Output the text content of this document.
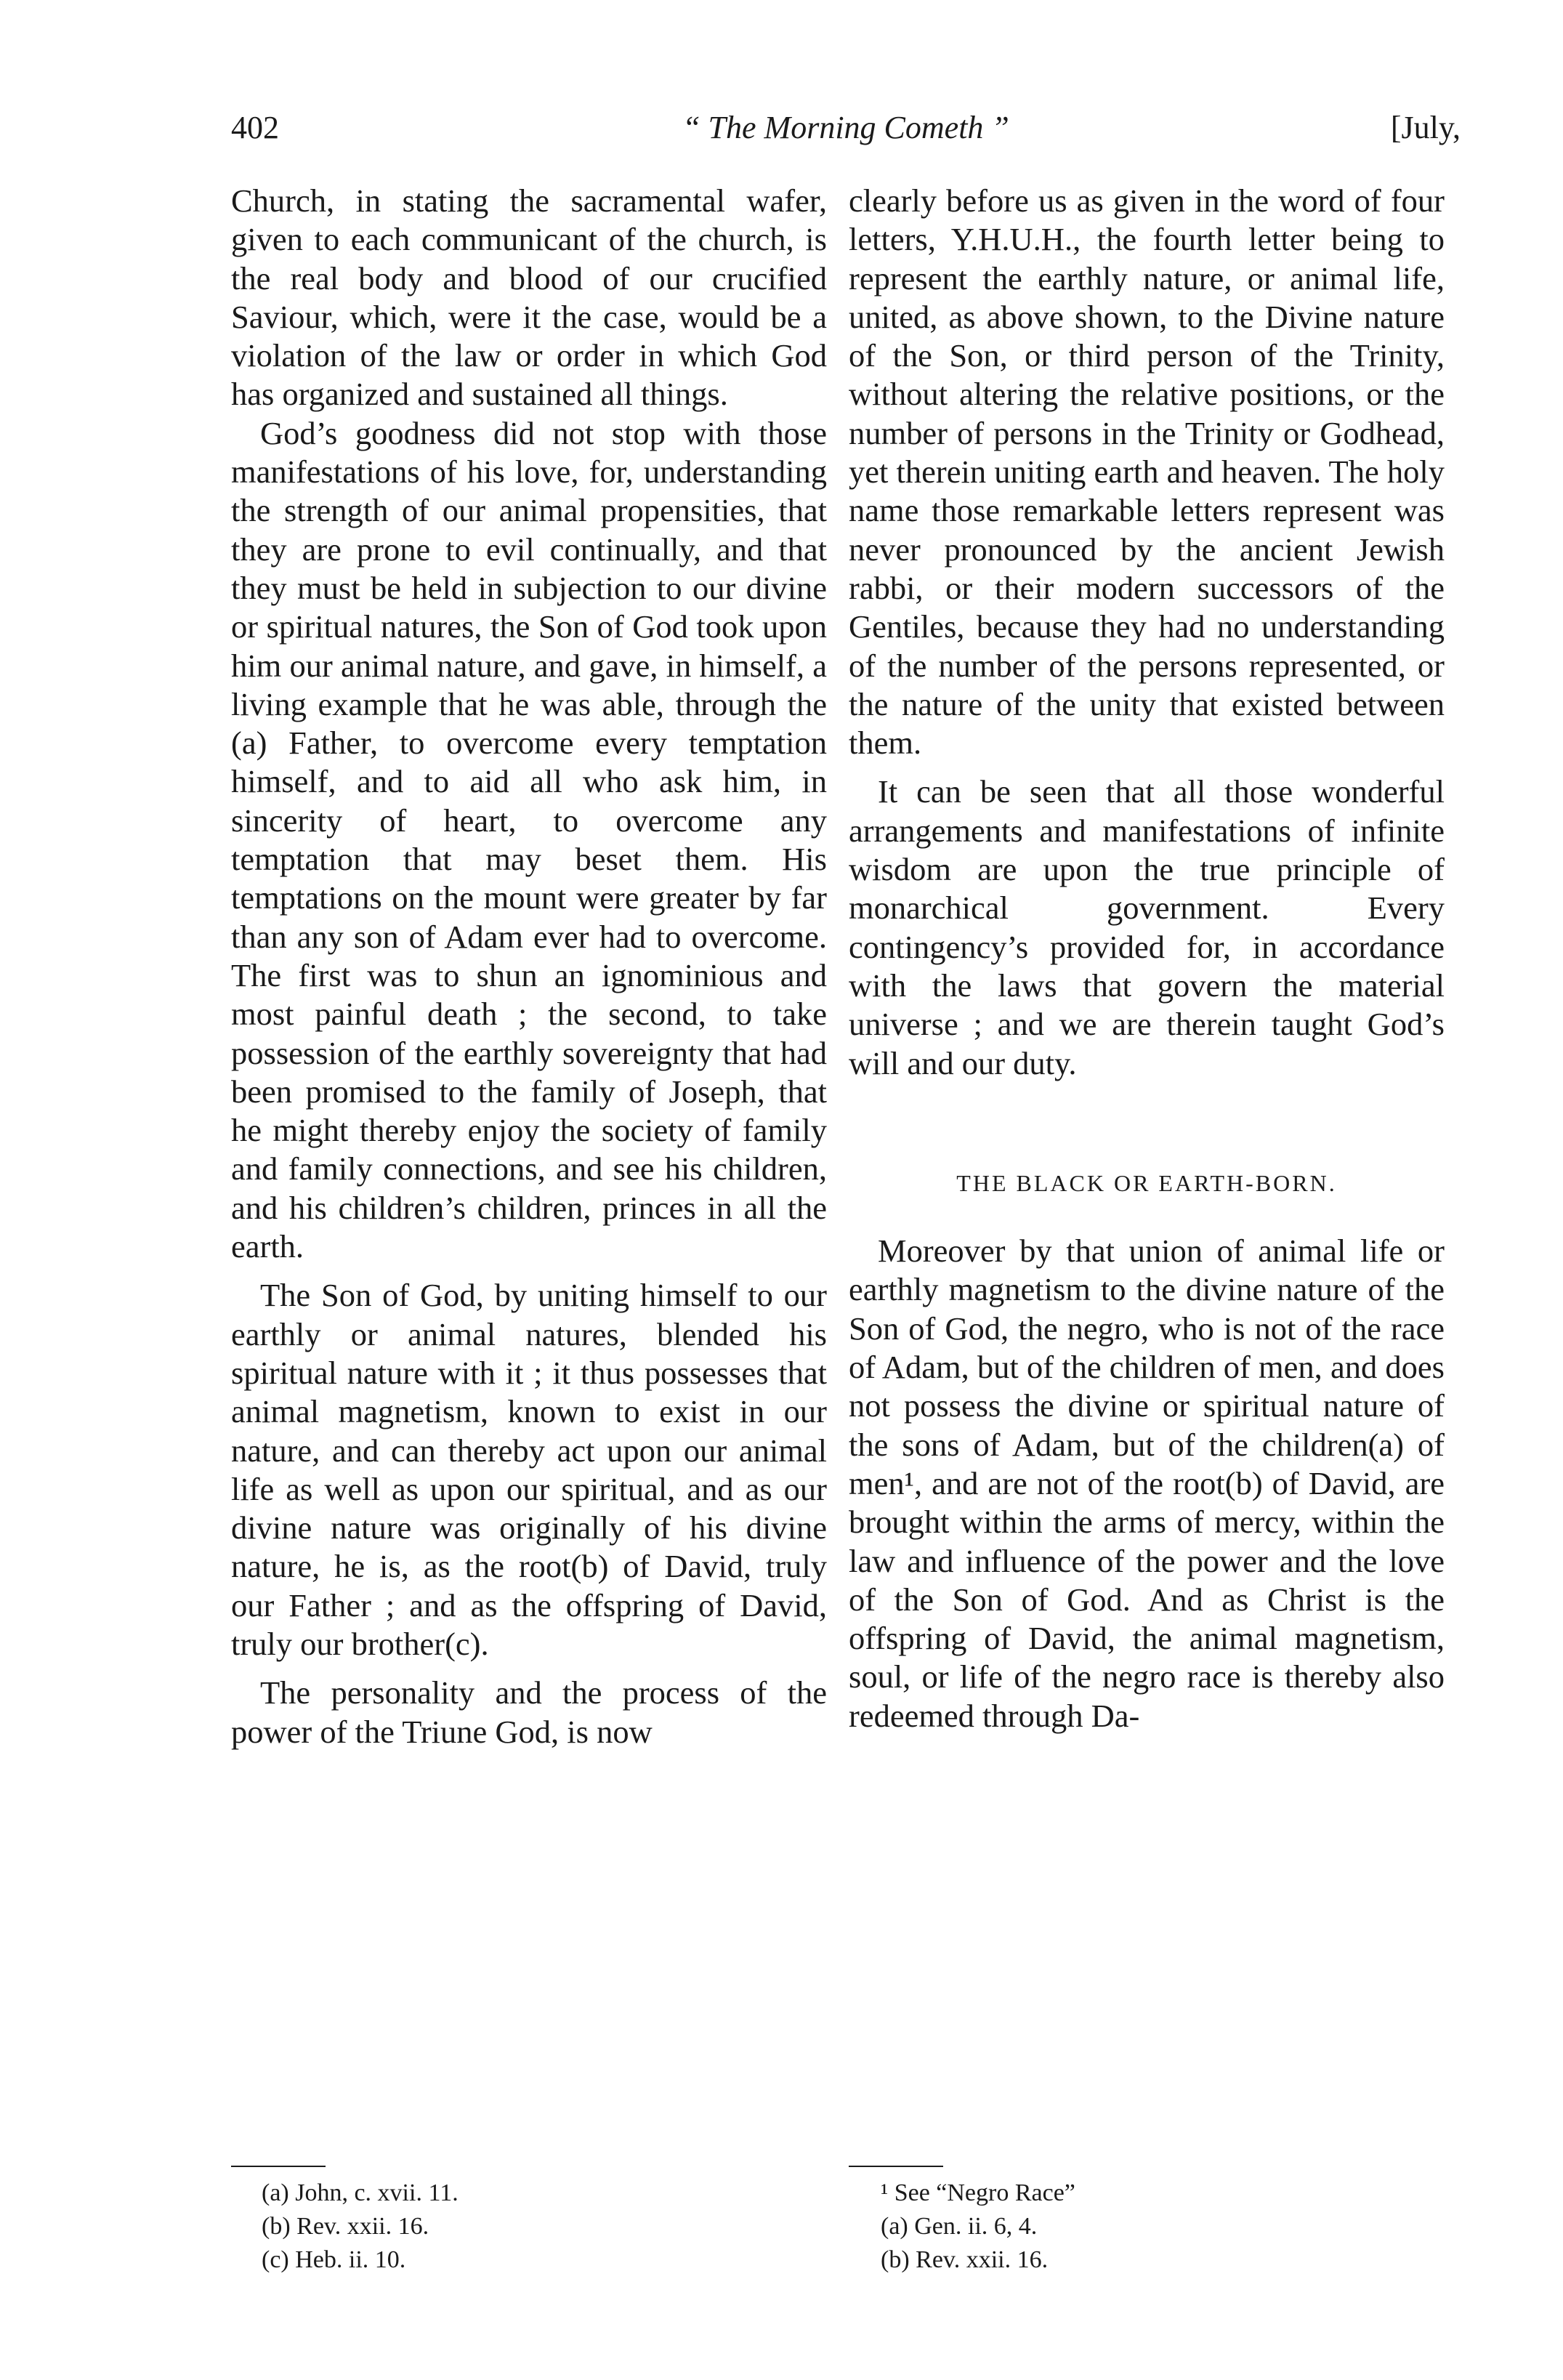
402	“ The Morning Cometh ”	[July,

Church, in stating the sacramental wafer, given to each communicant of the church, is the real body and blood of our crucified Saviour, which, were it the case, would be a violation of the law or order in which God has organized and sustained all things.

God’s goodness did not stop with those manifestations of his love, for, understanding the strength of our animal propensities, that they are prone to evil continually, and that they must be held in subjection to our divine or spiritual natures, the Son of God took upon him our animal nature, and gave, in himself, a living example that he was able, through the (a) Father, to overcome every temptation himself, and to aid all who ask him, in sincerity of heart, to overcome any temptation that may beset them. His temptations on the mount were greater by far than any son of Adam ever had to overcome. The first was to shun an ignominious and most painful death ; the second, to take possession of the earthly sovereignty that had been promised to the family of Joseph, that he might thereby enjoy the society of family and family connections, and see his children, and his children’s children, princes in all the earth.

The Son of God, by uniting himself to our earthly or animal natures, blended his spiritual nature with it ; it thus possesses that animal magnetism, known to exist in our nature, and can thereby act upon our animal life as well as upon our spiritual, and as our divine nature was originally of his divine nature, he is, as the root(b) of David, truly our Father ; and as the offspring of David, truly our brother(c).

The personality and the process of the power of the Triune God, is now

clearly before us as given in the word of four letters, Y.H.U.H., the fourth letter being to represent the earthly nature, or animal life, united, as above shown, to the Divine nature of the Son, or third person of the Trinity, without altering the relative positions, or the number of persons in the Trinity or Godhead, yet therein uniting earth and heaven. The holy name those remarkable letters represent was never pronounced by the ancient Jewish rabbi, or their modern successors of the Gentiles, because they had no understanding of the number of the persons represented, or the nature of the unity that existed between them.

It can be seen that all those wonderful arrangements and manifestations of infinite wisdom are upon the true principle of monarchical government. Every contingency’s provided for, in accordance with the laws that govern the material universe ; and we are therein taught God’s will and our duty.

THE BLACK OR EARTH-BORN.

Moreover by that union of animal life or earthly magnetism to the divine nature of the Son of God, the negro, who is not of the race of Adam, but of the children of men, and does not possess the divine or spiritual nature of the sons of Adam, but of the children(a) of men¹, and are not of the root(b) of David, are brought within the arms of mercy, within the law and influence of the power and the love of the Son of God. And as Christ is the offspring of David, the animal magnetism, soul, or life of the negro race is thereby also redeemed through Da-

(a) John, c. xvii. 11.
(b) Rev. xxii. 16.
(c) Heb. ii. 10.
¹ See “Negro Race”
(a) Gen. ii. 6, 4.
(b) Rev. xxii. 16.
